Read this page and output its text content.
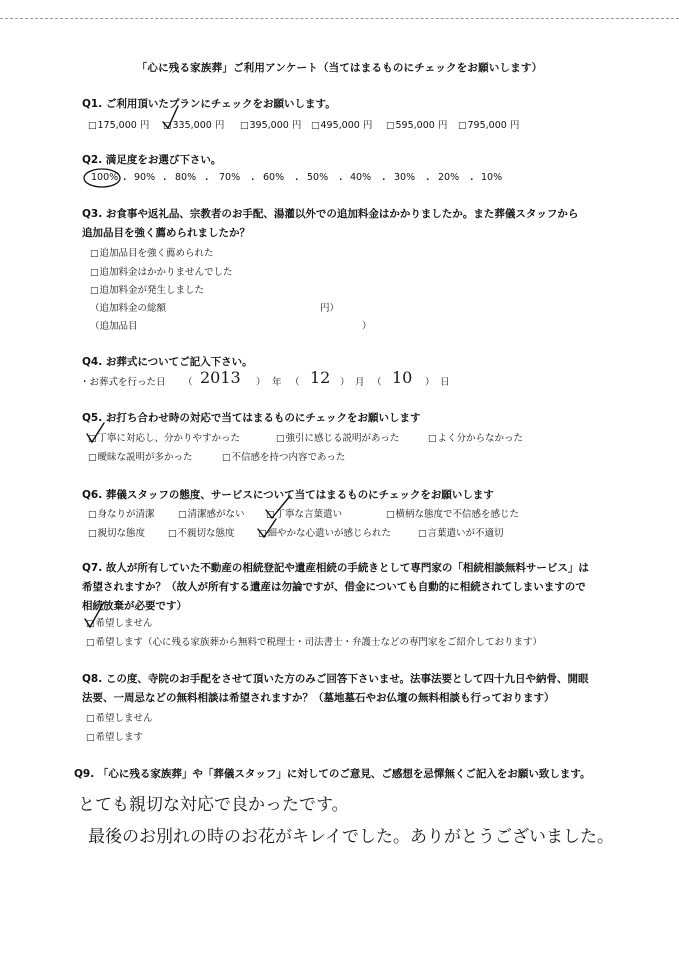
「心に残る家族葬」ご利用アンケート（当てはまるものにチェックをお願いします）
Q1. ご利用頂いたプランにチェックをお願いします。
□175,000 円 □335,000 円 □395,000 円 □495,000 円 □595,000 円 □795,000 円
Q2. 満足度をお選び下さい。
100% ・ 90% ・ 80% ・ 70% ・ 60% ・ 50% ・ 40% ・ 30% ・ 20% ・ 10%
Q3. お食事や返礼品、宗教者のお手配、湯灌以外での追加料金はかかりましたか。また葬儀スタッフから
追加品目を強く薦められましたか？
□追加品目を強く薦められた
□追加料金はかかりませんでした
□追加料金が発生しました
（追加料金の総額	円）
（追加品目	）
Q4. お葬式についてご記入下さい。
・お葬式を行った日 （ 2013 ） 年 （ 12 ） 月 （ 10 ） 日
Q5. お打ち合わせ時の対応で当てはまるものにチェックをお願いします
□丁寧に対応し、分かりやすかった	□強引に感じる説明があった	□よく分からなかった
□曖昧な説明が多かった	□不信感を持つ内容であった
Q6. 葬儀スタッフの態度、サービスについて当てはまるものにチェックをお願いします
□身なりが清潔	□清潔感がない □丁寧な言葉遣い	□横柄な態度で不信感を感じた
□親切な態度	□不親切な態度	□細やかな心遣いが感じられた	□言葉遣いが不適切
Q7. 故人が所有していた不動産の相続登記や遺産相続の手続きとして専門家の「相続相談無料サービス」は
希望されますか？（故人が所有する遺産は勿論ですが、借金についても自動的に相続されてしまいますので
相続放棄が必要です）
□希望しません
□希望します（心に残る家族葬から無料で税理士・司法書士・弁護士などの専門家をご紹介しております）
Q8. この度、寺院のお手配をさせて頂いた方のみご回答下さいませ。法事法要として四十九日や納骨、開眼
法要、一周忌などの無料相談は希望されますか？（墓地墓石やお仏壇の無料相談も行っております）
□希望しません
□希望します
Q9. 「心に残る家族葬」や「葬儀スタッフ」に対してのご意見、ご感想を忌憚無くご記入をお願い致します。
とても親切な対応で良かったです。
最後のお別れの時のお花がキレイでした。ありがとうございました。
